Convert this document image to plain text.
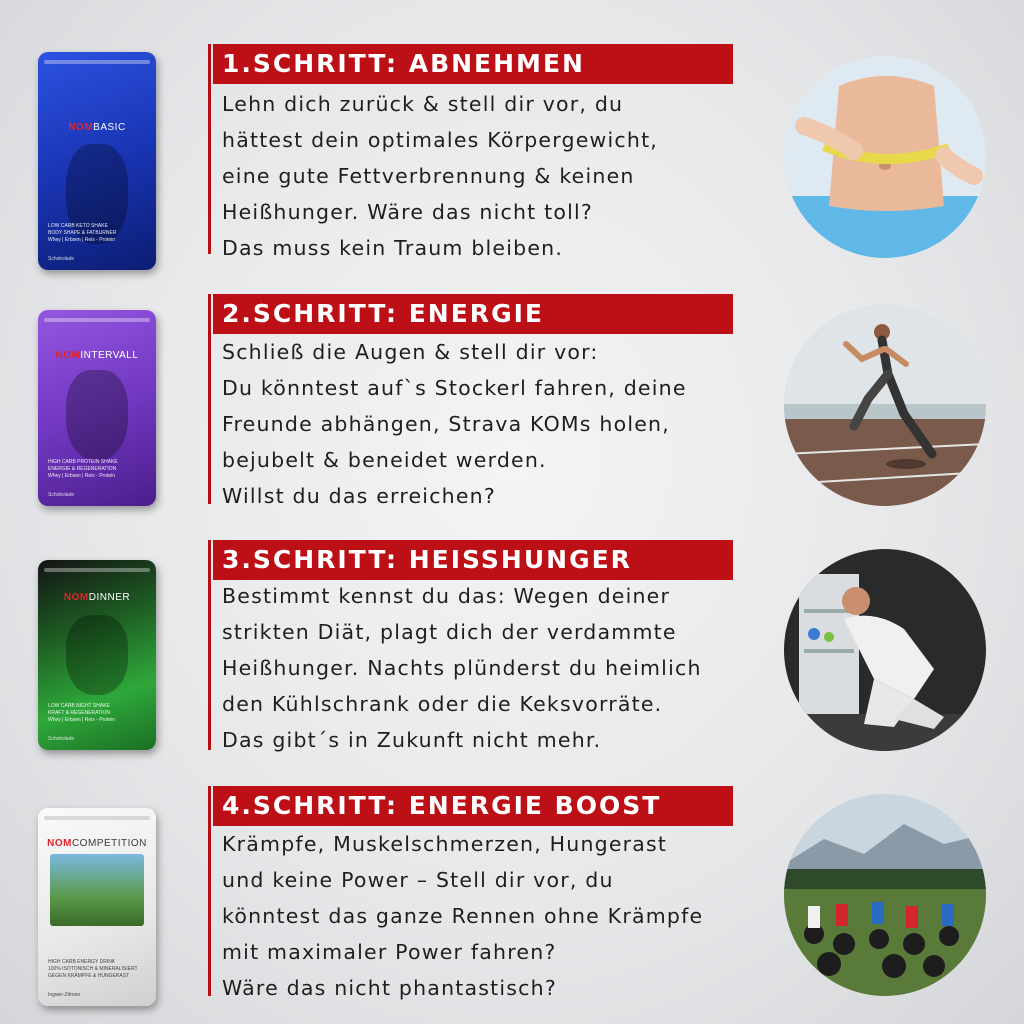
NOMBASIC
LOW CARB KETO SHAKE
BODY SHAPE & FATBURNER
Whey | Erbsen | Reis - Protein
Schokolade
1.SCHRITT: ABNEHMEN
Lehn dich zurück & stell dir vor, du
hättest dein optimales Körpergewicht,
eine gute Fettverbrennung & keinen
Heißhunger. Wäre das nicht toll?
Das muss kein Traum bleiben.
NOMINTERVALL
HIGH CARB PROTEIN SHAKE
ENERGIE & REGENERATION
Whey | Erbsen | Reis - Protein
Schokolade
2.SCHRITT: ENERGIE
Schließ die Augen & stell dir vor:
Du könntest auf`s Stockerl fahren, deine
Freunde abhängen, Strava KOMs holen,
bejubelt & beneidet werden.
Willst du das erreichen?
NOMDINNER
LOW CARB NIGHT SHAKE
KRAFT & REGENERATION
Whey | Erbsen | Reis - Protein
Schokolade
3.SCHRITT: HEISSHUNGER
Bestimmt kennst du das: Wegen deiner
strikten Diät, plagt dich der verdammte
Heißhunger. Nachts plünderst du heimlich
den Kühlschrank oder die Keksvorräte.
Das gibt´s in Zukunft nicht mehr.
NOMCOMPETITION
HIGH CARB ENERGY DRINK
100% ISOTONISCH & MINERALISIERT
GEGEN KRÄMPFE & HUNGERAST
Ingwer-Zitrone
4.SCHRITT: ENERGIE BOOST
Krämpfe, Muskelschmerzen, Hungerast
und keine Power – Stell dir vor, du
könntest das ganze Rennen ohne Krämpfe
mit maximaler Power fahren?
Wäre das nicht phantastisch?
